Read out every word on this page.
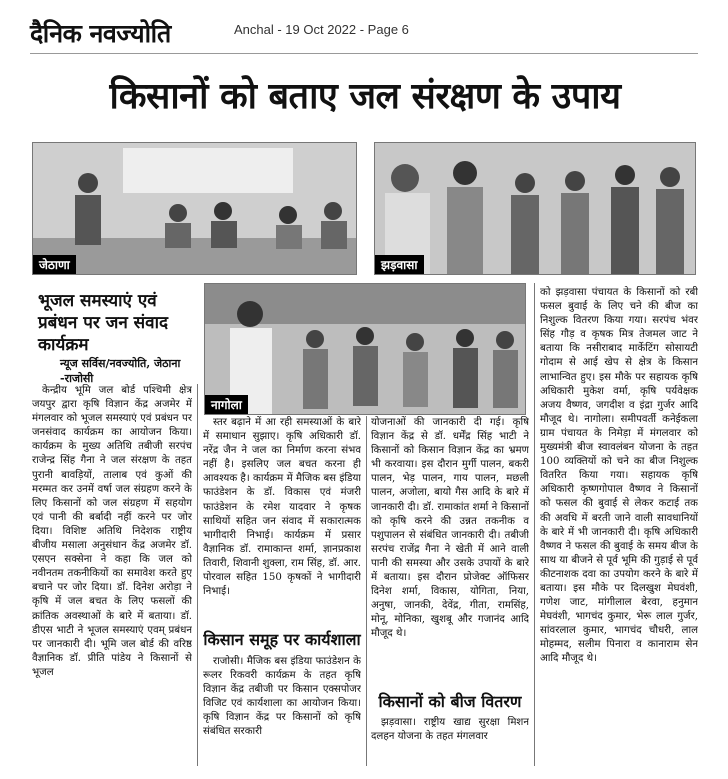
दैनिक नवज्योति	Anchal - 19 Oct 2022 - Page 6
किसानों को बताए जल संरक्षण के उपाय
जेठाणा	झड़वासा
भूजल समस्याएं एवं प्रबंधन पर जन संवाद कार्यक्रम
न्यूज सर्विस/नवज्योति, जेठाना -राजोसी
नागोला

केन्द्रीय भूमि जल बोर्ड पश्चिमी क्षेत्र जयपुर द्वारा कृषि विज्ञान केंद्र अजमेर में मंगलवार को भूजल समस्याएं एवं प्रबंधन पर जनसंवाद कार्यक्रम का आयोजन किया। कार्यक्रम के मुख्य अतिथि तबीजी सरपंच राजेन्द्र सिंह गैना ने जल संरक्षण के तहत पुरानी बावड़ियों, तालाब एवं कुओं की मरम्मत कर उनमें वर्षा जल संग्रहण करने के लिए किसानों को जल संग्रहण में सहयोग एवं पानी की बर्बादी नहीं करने पर जोर दिया। विशिष्ट अतिथि निदेशक राष्ट्रीय बीजीय मसाला अनुसंधान केंद्र अजमेर डॉ. एसएन सक्सेना ने कहा कि जल को नवीनतम तकनीकियों का समावेश करते हुए बचाने पर जोर दिया। डॉ. दिनेश अरोड़ा ने कृषि में जल बचत के लिए फसलों की क्रांतिक अवस्थाओं के बारे में बताया। डॉ. डीएस भाटी ने भूजल समस्याएं एवम् प्रबंधन पर जानकारी दी। भूमि जल बोर्ड की वरिष्ठ वैज्ञानिक डॉ. प्रीति पांडेय ने किसानों से भूजल

स्तर बढ़ाने में आ रही समस्याओं के बारे में समाधान सुझाए। कृषि अधिकारी डॉ. नरेंद्र जैन ने जल का निर्माण करना संभव नहीं है। इसलिए जल बचत करना ही आवश्यक है। कार्यक्रम में मैजिक बस इंडिया फाउंडेशन के डॉ. विकास एवं मंजरी फाउंडेशन के रमेश यादवार ने कृषक साथियों सहित जन संवाद में सकारात्मक भागीदारी निभाई। कार्यक्रम में प्रसार वैज्ञानिक डॉ. रामाकान्त शर्मा, ज्ञानप्रकाश तिवारी, शिवानी शुक्ला, राम सिंह, डॉ. आर. पोरवाल सहित 150 कृषकों ने भागीदारी निभाई।

किसान समूह पर कार्यशाला

राजोसी। मैजिक बस इंडिया फाउंडेशन के रूलर रिकवरी कार्यक्रम के तहत कृषि विज्ञान केंद्र तबीजी पर किसान एक्सपोजर विजिट एवं कार्यशाला का आयोजन किया। कृषि विज्ञान केंद्र पर किसानों को कृषि संबंधित सरकारी

योजनाओं की जानकारी दी गई। कृषि विज्ञान केंद्र से डॉ. धर्मेंद्र सिंह भाटी ने किसानों को किसान विज्ञान केंद्र का भ्रमण भी करवाया। इस दौरान मुर्गी पालन, बकरी पालन, भेड़ पालन, गाय पालन, मछली पालन, अजोला, बायो गैस आदि के बारे में जानकारी दी। डॉ. रामाकांत शर्मा ने किसानों को कृषि करने की उन्नत तकनीक व पशुपालन से संबंधित जानकारी दी। तबीजी सरपंच राजेंद्र गैना ने खेती में आने वाली पानी की समस्या और उसके उपायों के बारे में बताया। इस दौरान प्रोजेक्ट ऑफिसर दिनेश शर्मा, विकास, योगिता, निया, अनुषा, जानकी, देवेंद्र, गीता, रामसिंह, मोनू, मोनिका, खुशबू और गजानंद आदि मौजूद थे।

किसानों को बीज वितरण

झड़वासा। राष्ट्रीय खाद्य सुरक्षा मिशन दलहन योजना के तहत मंगलवार

को झड़वासा पंचायत के किसानों को रबी फसल बुवाई के लिए चने की बीज का निशुल्क वितरण किया गया। सरपंच भंवर सिंह गौड़ व कृषक मित्र तेजमल जाट ने बताया कि नसीराबाद मार्केटिंग सोसायटी गोदाम से आई खेप से क्षेत्र के किसान लाभान्वित हुए। इस मौके पर सहायक कृषि अधिकारी मुकेश वर्मा, कृषि पर्यवेक्षक अजय वैष्णव, जगदीश व इंद्रा गुर्जर आदि मौजूद थे। नागोला। समीपवर्ती कनेईकला ग्राम पंचायत के निमेड़ा में मंगलवार को मुख्यमंत्री बीज स्वावलंबन योजना के तहत 100 व्यक्तियों को चने का बीज निशुल्क वितरित किया गया। सहायक कृषि अधिकारी कृष्णगोपाल वैष्णव ने किसानों को फसल की बुवाई से लेकर कटाई तक की अवधि में बरती जाने वाली सावधानियों के बारे में भी जानकारी दी। कृषि अधिकारी वैष्णव ने फसल की बुवाई के समय बीज के साथ या बीजने से पूर्व भूमि की गुड़ाई से पूर्व कीटनाशक दवा का उपयोग करने के बारे में बताया। इस मौके पर दिलखुश मेघवंशी, गणेश जाट, मांगीलाल बेरवा, हनुमान मेघवंशी, भागचंद कुमार, भेरू लाल गुर्जर, सांवरलाल कुमार, भागचंद चौधरी, लाल मोहम्मद, सलीम पिनारा व कानाराम सेन आदि मौजूद थे।
